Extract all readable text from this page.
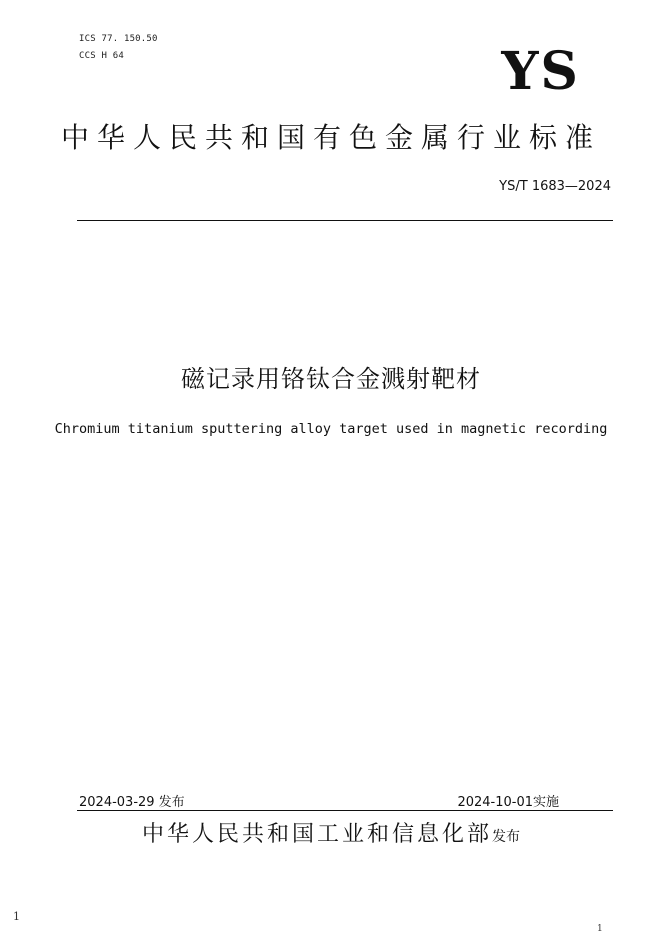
ICS 77. 150.50
CCS H 64	YS
中华人民共和国有色金属行业标准
YS/T 1683—2024
磁记录用铬钛合金溅射靶材
Chromium titanium sputtering alloy target used in magnetic recording
2024-03-29 发布	2024-10-01实施
中华人民共和国工业和信息化部发布
1
1
